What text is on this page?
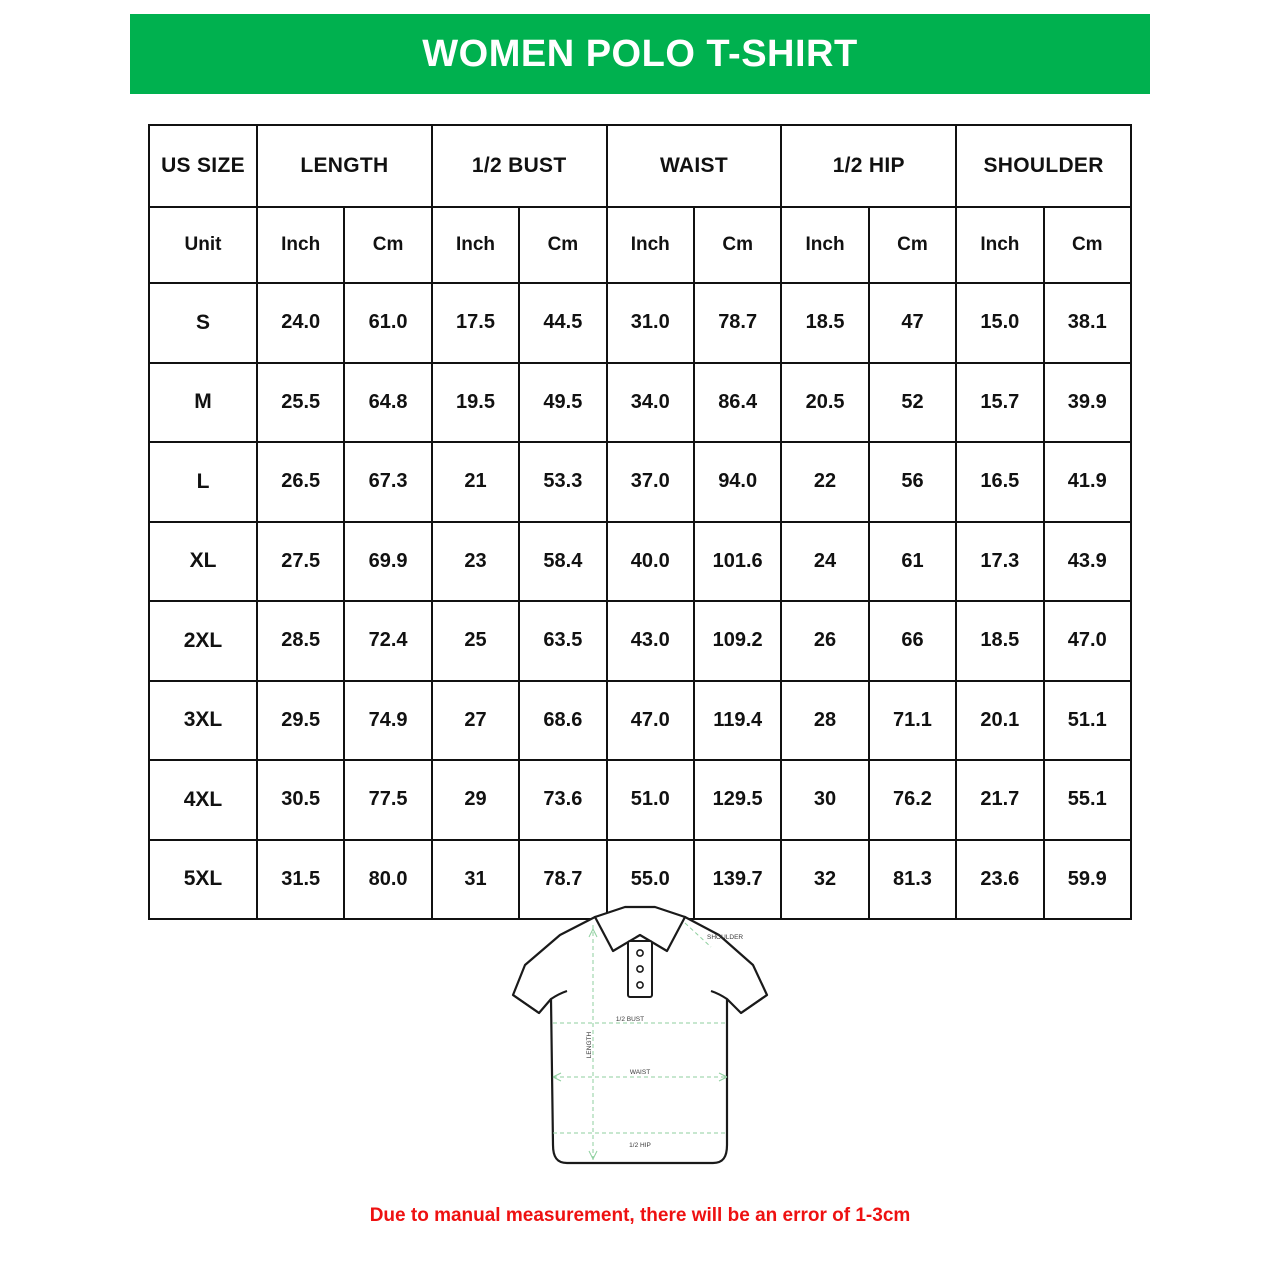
WOMEN POLO T-SHIRT
US SIZE	LENGTH		1/2 BUST		WAIST		1/2 HIP		SHOULDER	
Unit	Inch	Cm	Inch	Cm	Inch	Cm	Inch	Cm	Inch	Cm
S	24.0	61.0	17.5	44.5	31.0	78.7	18.5	47	15.0	38.1
M	25.5	64.8	19.5	49.5	34.0	86.4	20.5	52	15.7	39.9
L	26.5	67.3	21	53.3	37.0	94.0	22	56	16.5	41.9
XL	27.5	69.9	23	58.4	40.0	101.6	24	61	17.3	43.9
2XL	28.5	72.4	25	63.5	43.0	109.2	26	66	18.5	47.0
3XL	29.5	74.9	27	68.6	47.0	119.4	28	71.1	20.1	51.1
4XL	30.5	77.5	29	73.6	51.0	129.5	30	76.2	21.7	55.1
5XL	31.5	80.0	31	78.7	55.0	139.7	32	81.3	23.6	59.9
LENGTH
1/2 BUST
WAIST
1/2 HIP
SHOULDER
Due to manual measurement, there will be an error of 1-3cm
